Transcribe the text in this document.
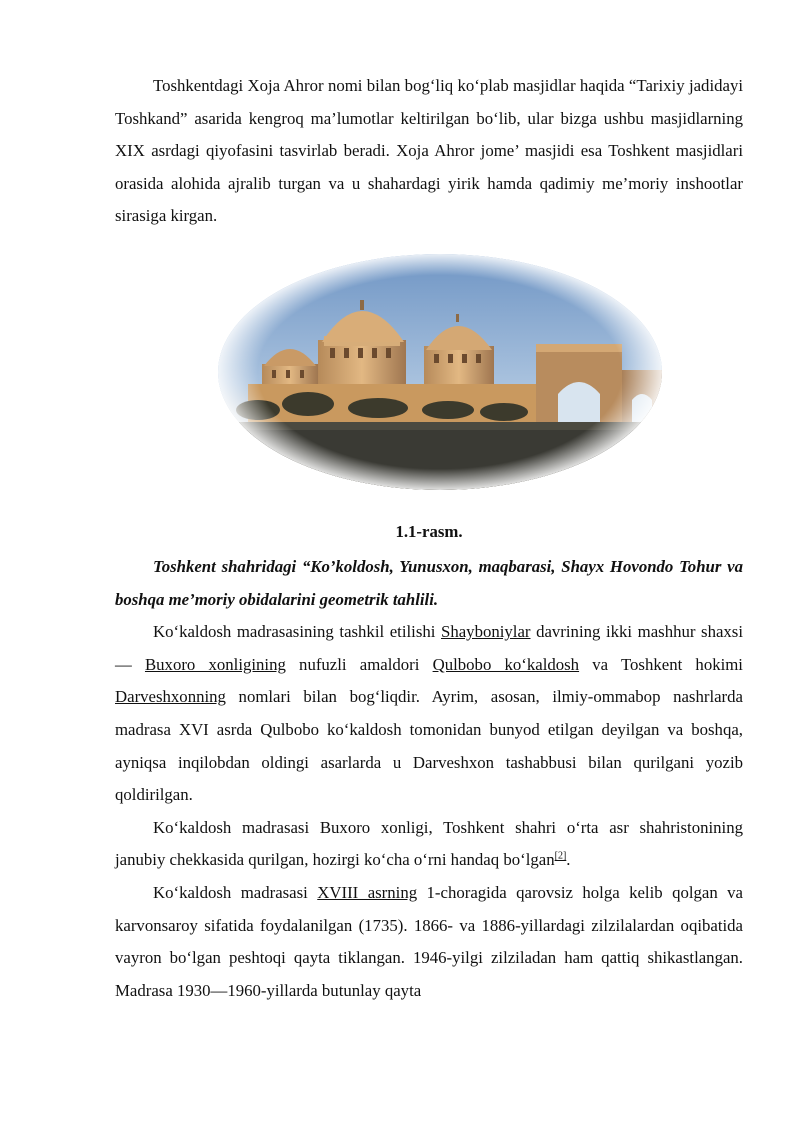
Toshkentdagi Xoja Ahror nomi bilan bog‘liq ko‘plab masjidlar haqida “Tarixiy jadidayi Toshkand” asarida kengroq ma’lumotlar keltirilgan bo‘lib, ular bizga ushbu masjidlarning XIX asrdagi qiyofasini tasvirlab beradi. Xoja Ahror jome’ masjidi esa Toshkent masjidlari orasida alohida ajralib turgan va u shahardagi yirik hamda qadimiy me’moriy inshootlar sirasiga kirgan.

1.1-rasm.

Toshkent shahridagi “Ko’koldosh, Yunusxon, maqbarasi, Shayx Hovondo Tohur va boshqa me’moriy obidalarini geometrik tahlili.

Ko‘kaldosh madrasasining tashkil etilishi Shayboniylar davrining ikki mashhur shaxsi — Buxoro xonligining nufuzli amaldori Qulbobo ko‘kaldosh va Toshkent hokimi Darveshxonning nomlari bilan bog‘liqdir. Ayrim, asosan, ilmiy-ommabop nashrlarda madrasa XVI asrda Qulbobo ko‘kaldosh tomonidan bunyod etilgan deyilgan va boshqa, ayniqsa inqilobdan oldingi asarlarda u Darveshxon tashabbusi bilan qurilgani yozib qoldirilgan.

Ko‘kaldosh madrasasi Buxoro xonligi, Toshkent shahri o‘rta asr shahristonining janubiy chekkasida qurilgan, hozirgi ko‘cha o‘rni handaq bo‘lgan[2].

Ko‘kaldosh madrasasi XVIII asrning 1-choragida qarovsiz holga kelib qolgan va karvonsaroy sifatida foydalanilgan (1735). 1866- va 1886-yillardagi zilzilalardan oqibatida vayron bo‘lgan peshtoqi qayta tiklangan. 1946-yilgi zilziladan ham qattiq shikastlangan. Madrasa 1930—1960-yillarda butunlay qayta
